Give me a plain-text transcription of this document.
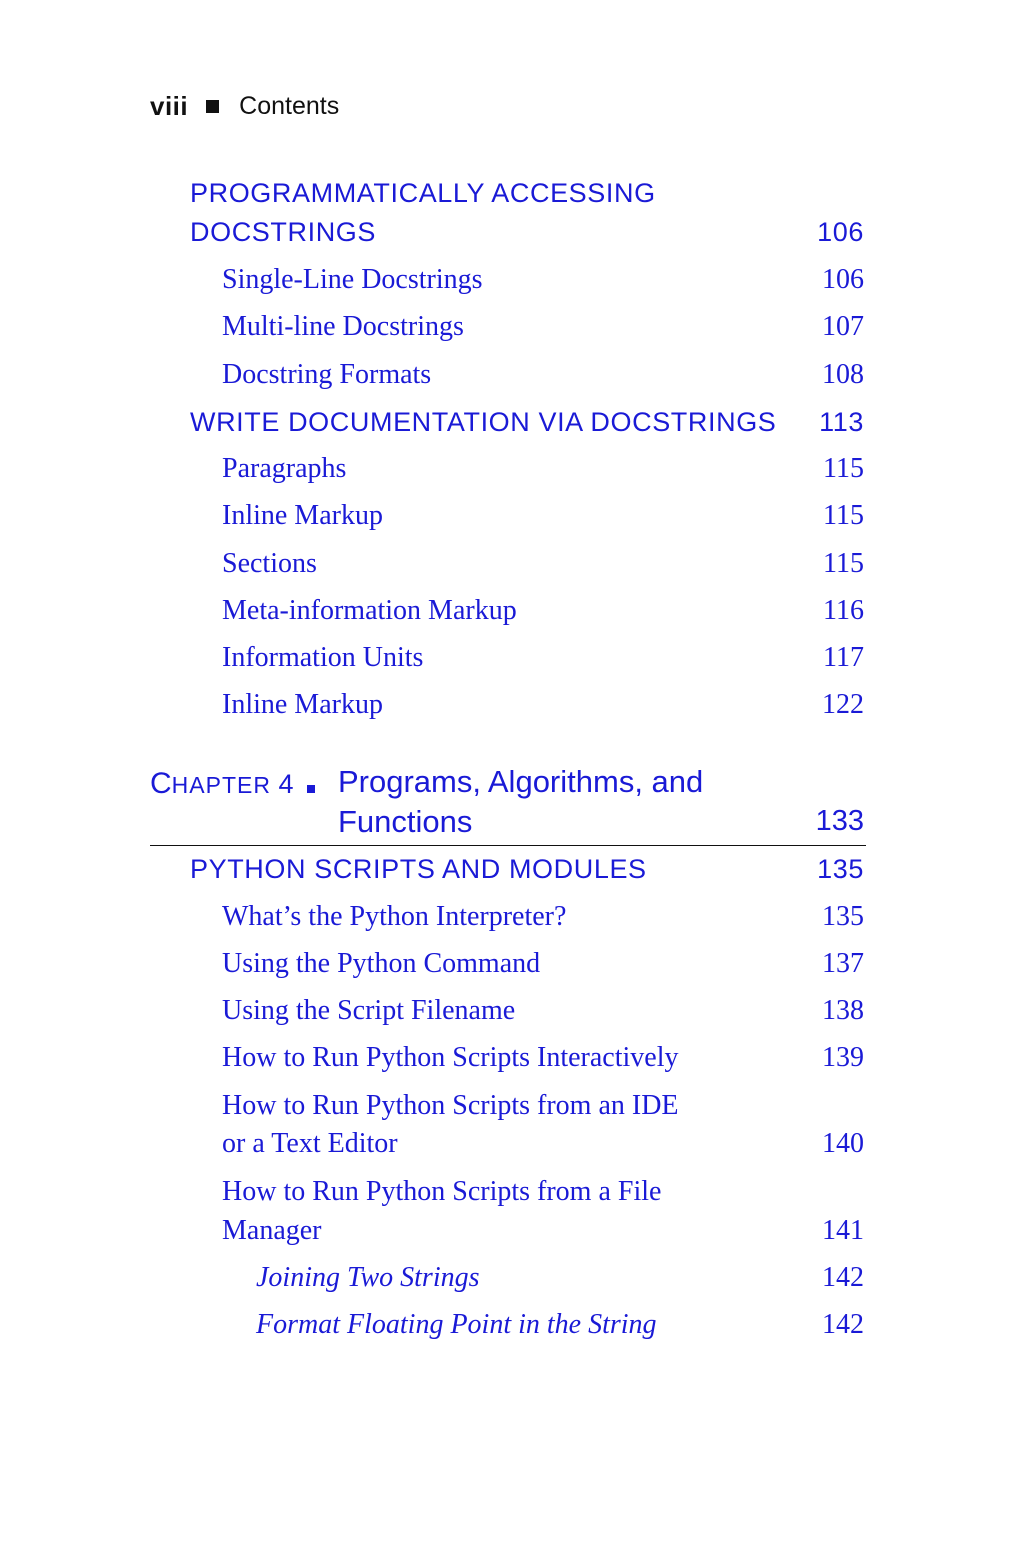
viii Contents
PROGRAMMATICALLY ACCESSING
DOCSTRINGS	106
Single-Line Docstrings	106
Multi-line Docstrings	107
Docstring Formats	108
WRITE DOCUMENTATION VIA DOCSTRINGS 113
Paragraphs	115
Inline Markup	115
Sections	115
Meta-information Markup	116
Information Units	117
Inline Markup	122
CHAPTER 4 Programs, Algorithms, and
Functions	133
PYTHON SCRIPTS AND MODULES	135
What’s the Python Interpreter?	135
Using the Python Command	137
Using the Script Filename	138
How to Run Python Scripts Interactively	139
How to Run Python Scripts from an IDE
or a Text Editor	140
How to Run Python Scripts from a File
Manager	141
Joining Two Strings	142
Format Floating Point in the String	142
